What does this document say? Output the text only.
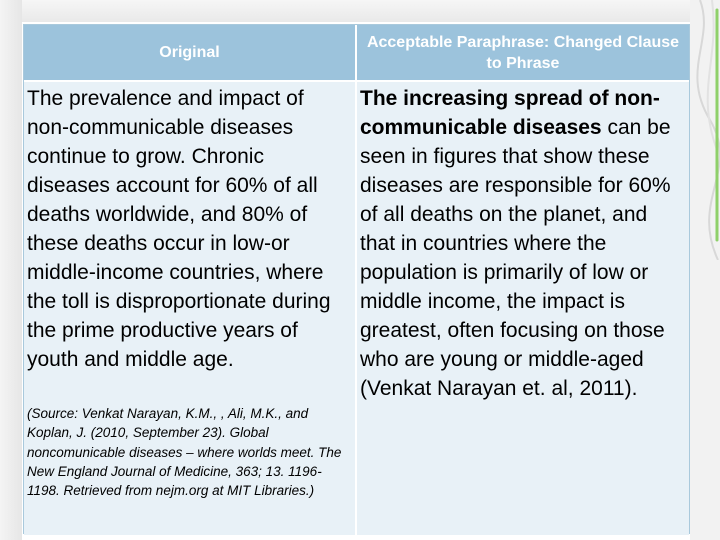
Original
Acceptable Paraphrase: Changed Clause to Phrase

The prevalence and impact of non-communicable diseases continue to grow. Chronic diseases account for 60% of all deaths worldwide, and 80% of these deaths occur in low-or middle-income countries, where the toll is disproportionate during the prime productive years of youth and middle age.

(Source: Venkat Narayan, K.M., , Ali, M.K., and Koplan, J. (2010, September 23). Global noncomunicable diseases – where worlds meet. The New England Journal of Medicine, 363; 13. 1196-1198. Retrieved from nejm.org at MIT Libraries.)

The increasing spread of non-communicable diseases can be seen in figures that show these diseases are responsible for 60% of all deaths on the planet, and that in countries where the population is primarily of low or middle income, the impact is greatest, often focusing on those who are young or middle-aged (Venkat Narayan et. al, 2011).
